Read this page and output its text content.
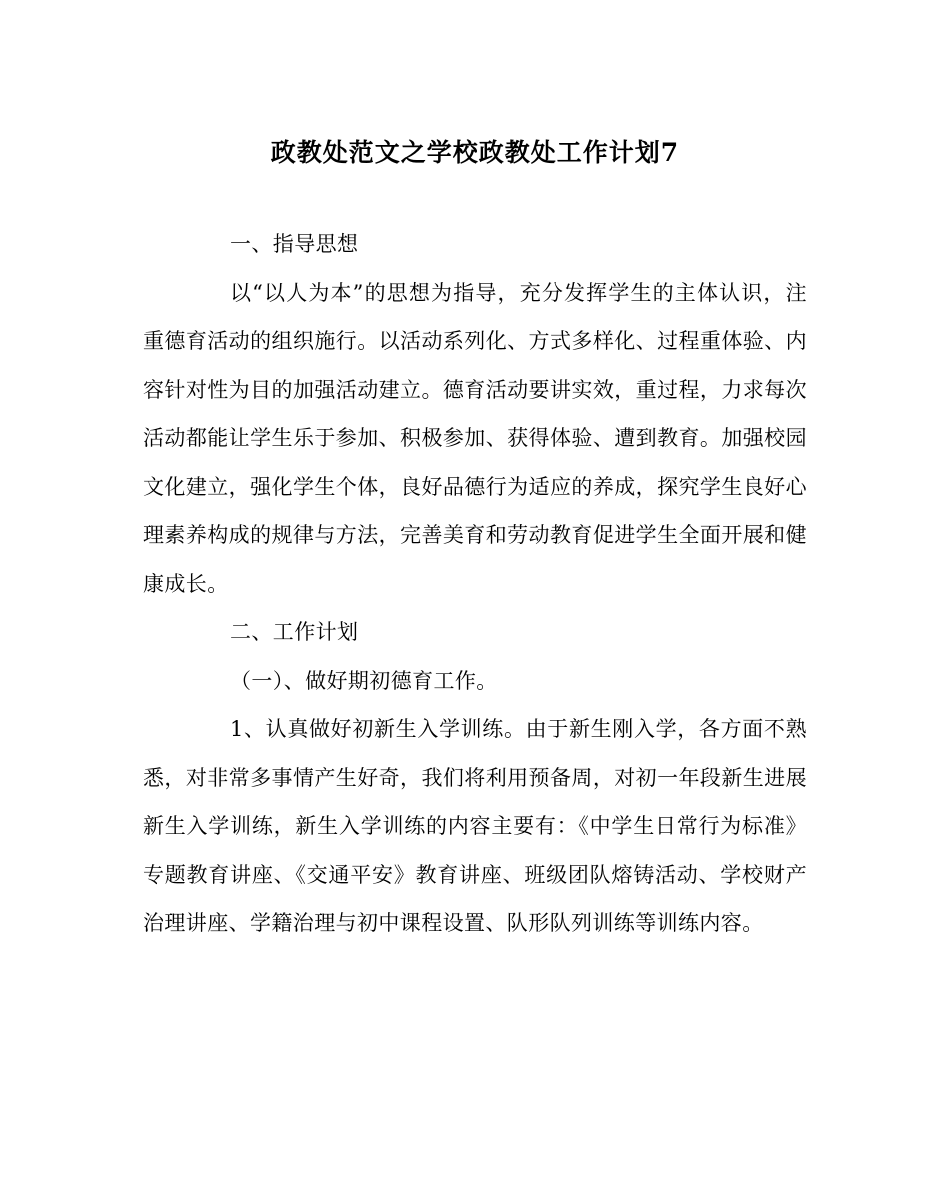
政教处范文之学校政教处工作计划7

一、指导思想

以“以人为本”的思想为指导，充分发挥学生的主体认识，注重德育活动的组织施行。以活动系列化、方式多样化、过程重体验、内容针对性为目的加强活动建立。德育活动要讲实效，重过程，力求每次活动都能让学生乐于参加、积极参加、获得体验、遭到教育。加强校园文化建立，强化学生个体，良好品德行为适应的养成，探究学生良好心理素养构成的规律与方法，完善美育和劳动教育促进学生全面开展和健康成长。

二、工作计划

（一）、做好期初德育工作。

1、认真做好初新生入学训练。由于新生刚入学，各方面不熟悉，对非常多事情产生好奇，我们将利用预备周，对初一年段新生进展新生入学训练，新生入学训练的内容主要有：《中学生日常行为标准》专题教育讲座、《交通平安》教育讲座、班级团队熔铸活动、学校财产治理讲座、学籍治理与初中课程设置、队形队列训练等训练内容。
